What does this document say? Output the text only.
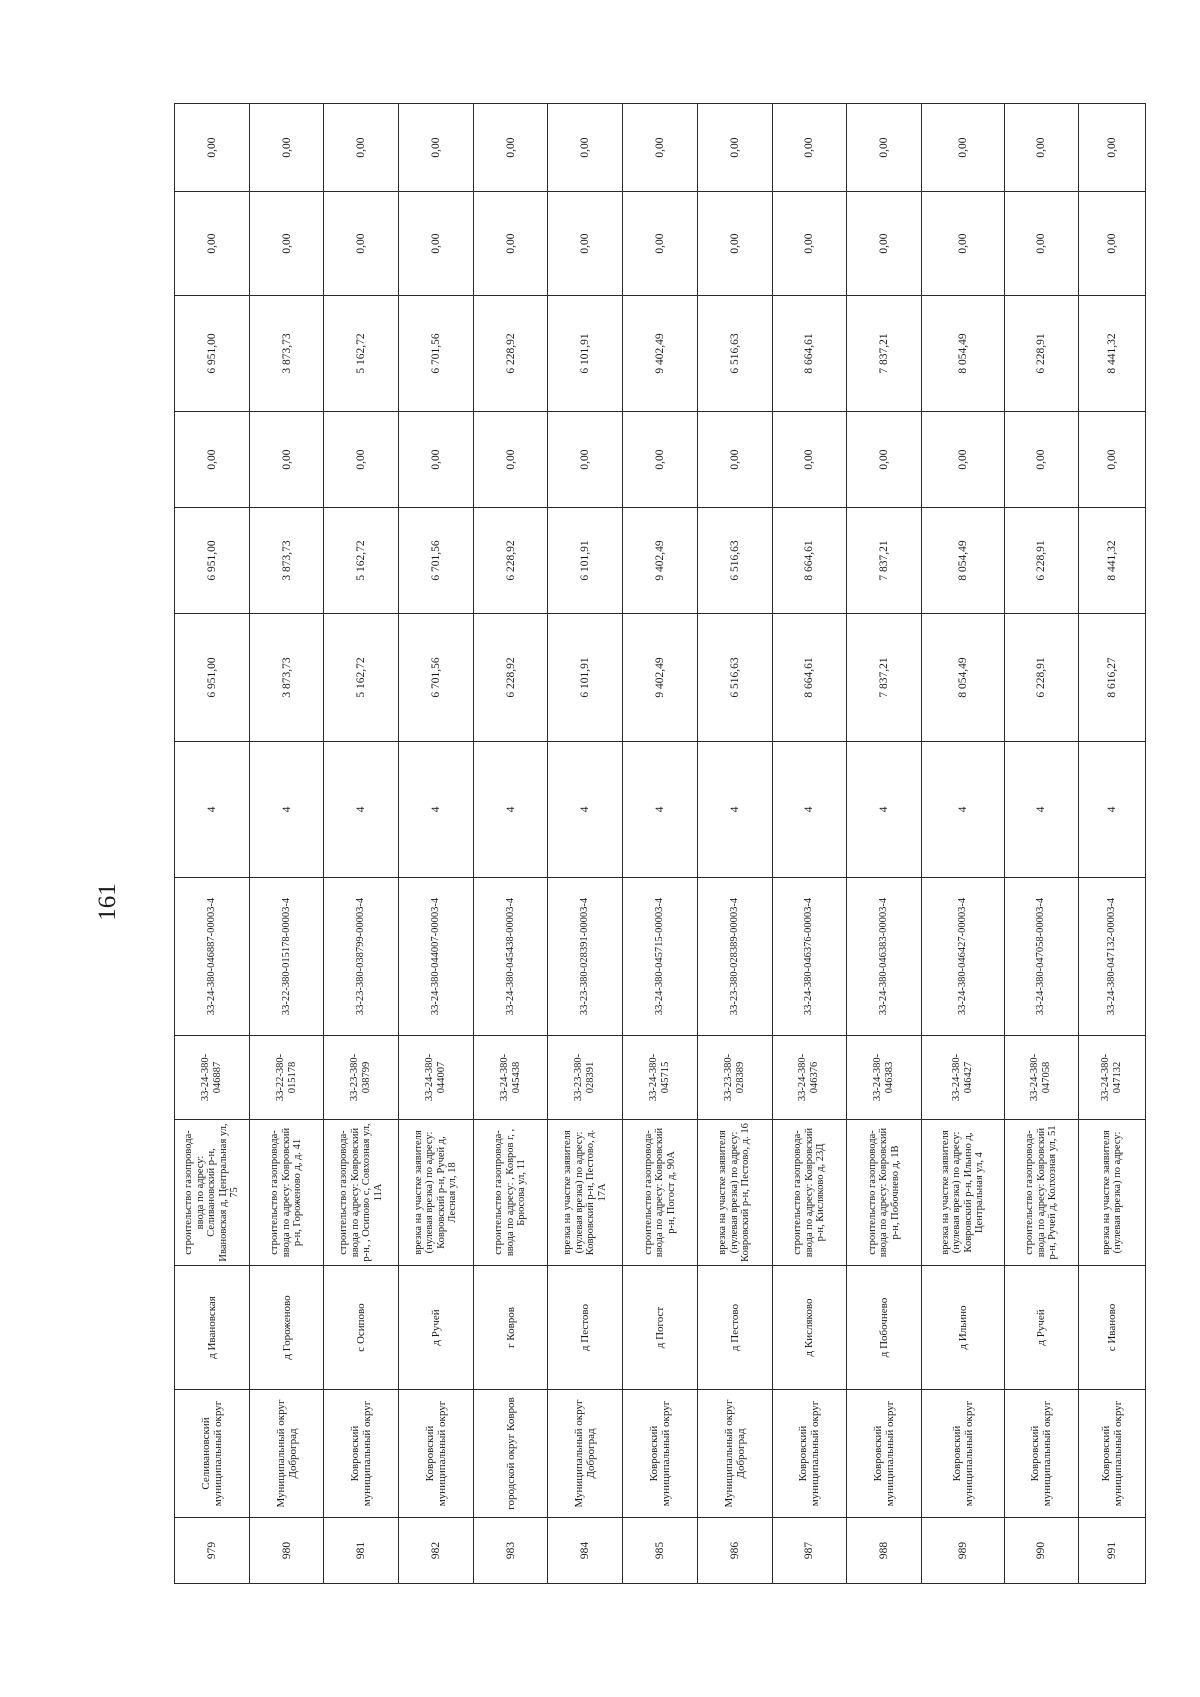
161
979	Селивановский муниципальный округ	д Ивановская	строительство газопровода-ввода по адресу: Селивановский р-н, Ивановская д, Центральная ул, 75	33-24-380-046887	33-24-380-046887-00003-4	4	6 951,00	6 951,00	0,00	6 951,00	0,00	0,00
980	Муниципальный округ Доброград	д Гороженово	строительство газопровода-ввода по адресу: Ковровский р-н, Гороженово д, д. 41	33-22-380-015178	33-22-380-015178-00003-4	4	3 873,73	3 873,73	0,00	3 873,73	0,00	0,00
981	Ковровский муниципальный округ	с Осипово	строительство газопровода-ввода по адресу: Ковровский р-н, , Осипово с, Совхозная ул, 11А	33-23-380-038799	33-23-380-038799-00003-4	4	5 162,72	5 162,72	0,00	5 162,72	0,00	0,00
982	Ковровский муниципальный округ	д Ручей	врезка на участке заявителя (нулевая врезка) по адресу: Ковровский р-н, Ручей д, Лесная ул, 18	33-24-380-044007	33-24-380-044007-00003-4	4	6 701,56	6 701,56	0,00	6 701,56	0,00	0,00
983	городской округ Ковров	г Ковров	строительство газопровода-ввода по адресу: , Ковров г, , Брюсова ул, 11	33-24-380-045438	33-24-380-045438-00003-4	4	6 228,92	6 228,92	0,00	6 228,92	0,00	0,00
984	Муниципальный округ Доброград	д Пестово	врезка на участке заявителя (нулевая врезка) по адресу: Ковровский р-н, Пестово, д. 17А	33-23-380-028391	33-23-380-028391-00003-4	4	6 101,91	6 101,91	0,00	6 101,91	0,00	0,00
985	Ковровский муниципальный округ	д Погост	строительство газопровода-ввода по адресу: Ковровский р-н, Погост д, 90А	33-24-380-045715	33-24-380-045715-00003-4	4	9 402,49	9 402,49	0,00	9 402,49	0,00	0,00
986	Муниципальный округ Доброград	д Пестово	врезка на участке заявителя (нулевая врезка) по адресу: Ковровский р-н, Пестово, д. 16	33-23-380-028389	33-23-380-028389-00003-4	4	6 516,63	6 516,63	0,00	6 516,63	0,00	0,00
987	Ковровский муниципальный округ	д Кисляково	строительство газопровода-ввода по адресу: Ковровский р-н, Кисляково д, 23Д	33-24-380-046376	33-24-380-046376-00003-4	4	8 664,61	8 664,61	0,00	8 664,61	0,00	0,00
988	Ковровский муниципальный округ	д Побочнево	строительство газопровода-ввода по адресу: Ковровский р-н, Побочнево д, 1В	33-24-380-046383	33-24-380-046383-00003-4	4	7 837,21	7 837,21	0,00	7 837,21	0,00	0,00
989	Ковровский муниципальный округ	д Ильино	врезка на участке заявителя (нулевая врезка) по адресу: Ковровский р-н, Ильино д, Центральная ул, 4	33-24-380-046427	33-24-380-046427-00003-4	4	8 054,49	8 054,49	0,00	8 054,49	0,00	0,00
990	Ковровский муниципальный округ	д Ручей	строительство газопровода-ввода по адресу: Ковровский р-н, Ручей д, Колхозная ул, 51	33-24-380-047058	33-24-380-047058-00003-4	4	6 228,91	6 228,91	0,00	6 228,91	0,00	0,00
991	Ковровский муниципальный округ	с Иваново	врезка на участке заявителя (нулевая врезка) по адресу:	33-24-380-047132	33-24-380-047132-00003-4	4	8 616,27	8 441,32	0,00	8 441,32	0,00	0,00
